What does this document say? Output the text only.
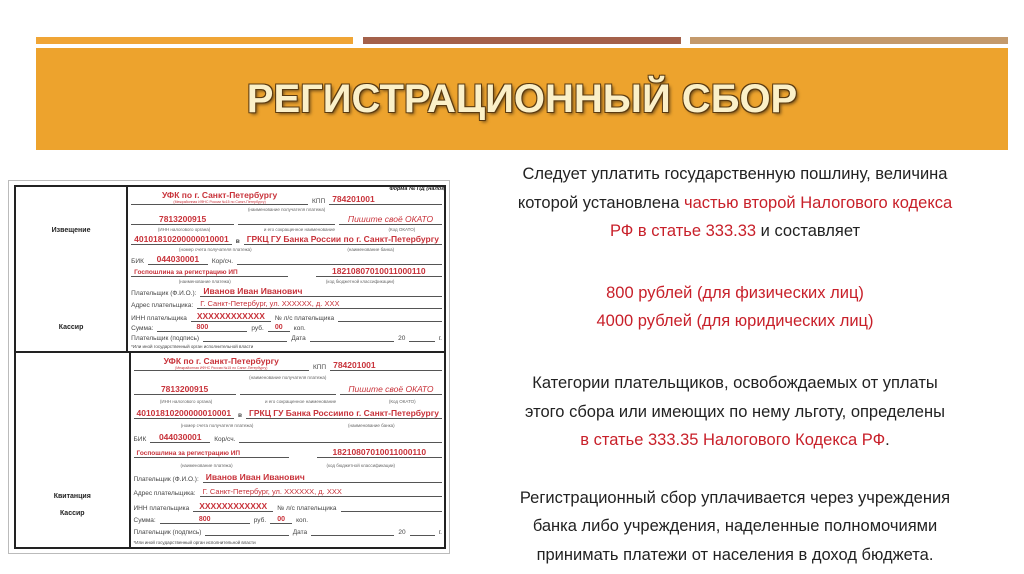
РЕГИСТРАЦИОННЫЙ СБОР
Извещение
Кассир
УФК по г. Санкт-Петербургу
(Межрайонная ИФНС России №15 по Санкт-Петербургу)	КПП 784201001
(наименование получателя платежа)
7813200915	Пишите своё ОКАТО
(ИНН налогового органа)	и его сокращенное наименование	(Код ОКАТО)
40101810200000010001	в ГРКЦ ГУ Банка России по г. Санкт-Петербургу
(номер счета получателя платежа)	(наименование банка)
БИК	044030001	Кор/сч.
Госпошлина за регистрацию ИП	18210807010011000110
(наименование платежа)	(код бюджетной классификации)
Плательщик (Ф.И.О.): Иванов Иван Иванович
Адрес плательщика: Г. Санкт-Петербург, ул. XXXXXX, д. XXX
ИНН плательщика	XXXXXXXXXXXX	№ л/с плательщика
Сумма:	800	руб.	00	коп.
Плательщик (подпись)	Дата	20	г.
*Или иной государственный орган исполнительной власти
Квитанция
Кассир
УФК по г. Санкт-Петербургу
(Межрайонная ИФНС России №15 по Санкт-Петербургу)	КПП 784201001
(наименование получателя платежа)
7813200915	Пишите своё ОКАТО
(ИНН налогового органа)	и его сокращенное наименование	(Код ОКАТО)
40101810200000010001	в ГРКЦ ГУ Банка Россиипо г. Санкт-Петербургу
(номер счета получателя платежа)	(наименование банка)
БИК	044030001	Кор/сч.
Госпошлина за регистрацию ИП	18210807010011000110
(наименование платежа)	(код бюджетной классификации)
Плательщик (Ф.И.О.): Иванов Иван Иванович
Адрес плательщика: Г. Санкт-Петербург, ул. XXXXXX, д. XXX
ИНН плательщика	XXXXXXXXXXXX	№ л/с плательщика
Сумма:	800	руб.	00	коп.
Плательщик (подпись)	Дата	20	г.
*Или иной государственный орган исполнительной власти
Форма № ПД (налог)

Следует уплатить государственную пошлину, величина

которой установлена частью второй Налогового кодекса

РФ в статье 333.33 и составляет

800 рублей (для физических лиц)

4000 рублей (для юридических лиц)

Категории плательщиков, освобождаемых от уплаты

этого сбора или имеющих по нему льготу, определены

в статье 333.35 Налогового Кодекса РФ.

Регистрационный сбор уплачивается через учреждения

банка либо учреждения, наделенные полномочиями

принимать платежи от населения в доход бюджета.
